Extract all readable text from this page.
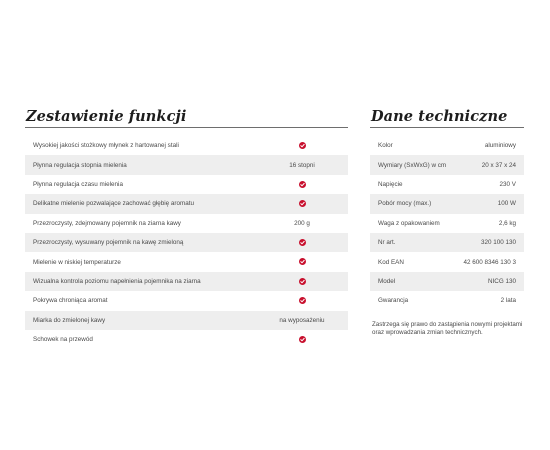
Zestawienie funkcji
Wysokiej jakości stożkowy młynek z hartowanej stali
Płynna regulacja stopnia mielenia	16 stopni
Płynna regulacja czasu mielenia
Delikatne mielenie pozwalające zachować głębię aromatu
Przezroczysty, zdejmowany pojemnik na ziarna kawy	200 g
Przezroczysty, wysuwany pojemnik na kawę zmieloną
Mielenie w niskiej temperaturze
Wizualna kontrola poziomu napełnienia pojemnika na ziarna
Pokrywa chroniąca aromat
Miarka do zmielonej kawy	na wyposażeniu
Schowek na przewód
Dane techniczne
Kolor	aluminiowy
Wymiary (SxWxG) w cm	20 x 37 x 24
Napięcie	230 V
Pobór mocy (max.)	100 W
Waga z opakowaniem	2,6 kg
Nr art.	320 100 130
Kod EAN	42 600 8346 130 3
Model	NICG 130
Gwarancja	2 lata
Zastrzega się prawo do zastąpienia nowymi projektami oraz wprowadzania zmian technicznych.
